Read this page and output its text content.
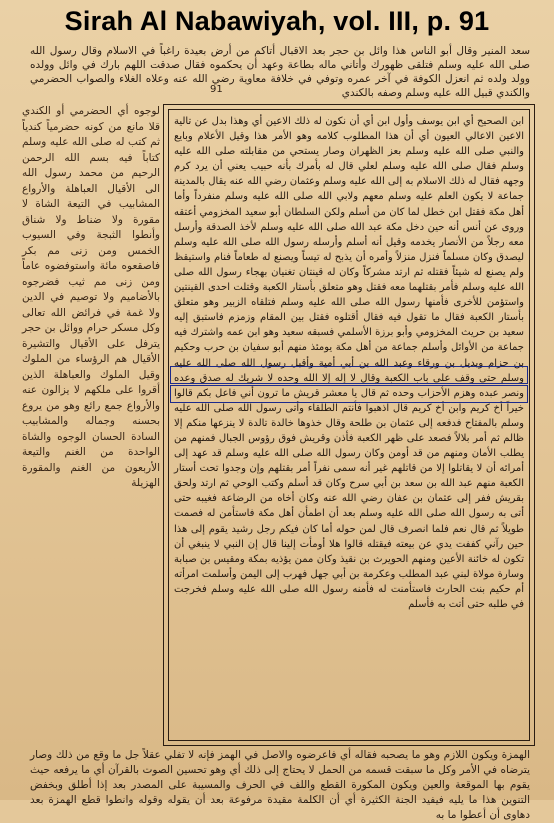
Sirah Al Nabawiyah, vol. III, p. 91
سعد المنير وقال أبو الناس هذا وائل بن حجر بعد الاقبال أتاكم من أرض بعيدة راغباً في الاسلام وقال رسول الله صلى الله عليه وسلم فتلقى ظهورك وأتاني ماله بطاعة وعهد أن يحكموه فقال صدقت اللهم بارك في وائل وولده وولد ولده ثم انعزل الكوفة في آخر عمره وتوفي في خلافة معاوية رضي الله عنه وعلاه الغلاء والصواب الحضرمي والكندي قبيل الله عليه وسلم وصفه بالكندي
91
لوجوه أي الحضرمي أو الكندي قلا مانع من كونه حضرمياً كندياً ثم كتب له صلى الله عليه وسلم كتاباً فيه بسم الله الرحمن الرحيم من محمد رسول الله الى الأقيال العباهلة والأرواع المشابيب في التيعة الشاة لا مقورة ولا ضناط ولا شناق وأنطوا الثبجة وفي السيوب الخمس ومن زنى مم بكر فاصقعوه مائة واستوفضوه عاماً ومن زنى مم ثيب فضرجوه بالأضاميم ولا توصيم في الدين ولا غمة في فرائض الله تعالى وكل مسكر حرام ووائل بن حجر يترفل على الأقيال والتشيرة الأقيال هم الرؤساء من الملوك وقيل الملوك والعباهلة الذين أقروا على ملكهم لا يزالون عنه والأرواع جمع رائع وهو من يروع بحسنه وجماله والمشابيب السادة الحسان الوجوه والشاة الواحدة من الغنم والتيعة الأربعون من الغنم والمقورة الهزيلة
ابن الصحيح أي ابن يوسف وأول ابن أي أن نكون له ذلك الاعين أي وهذا بدل عن تالية الاعين الاعالي العيون أي أن هذا المطلوب كلامه وهو الأمر هذا وقيل الأعلام وبايع والنبي صلى الله عليه وسلم بعز الظهران وصار يستحي من مقابلته صلى الله عليه وسلم فقال صلى الله عليه وسلم لعلي قال له بأمرك بأنه حبيب يعني أن يرد كرم وجهه فقال له ذلك الاسلام به إلى الله عليه وسلم وعثمان رضي الله عنه يقال بالمدينة جماعة لا يكون العلم عليه وسلم معهم ولابي الله صلى الله عليه وسلم منفرداً وأما أهل مكة فقتل ابن خطل لما كان من أسلم ولكن السلطان أبو سعيد المخزومي أعتقه وروى عن أنس أنه حين دخل مكة عبد الله صلى الله عليه وسلم لأخذ الصدقة وأرسل معه رجلاً من الأنصار يخدمه وقيل أنه أسلم وأرسله رسول الله صلى الله عليه وسلم ليصدق وكان مسلماً فنزل منزلاً وأمره أن يذبح له تيساً ويصنع له طعاماً فنام واستيقظ ولم يصنع له شيئاً فقتله ثم ارتد مشركاً وكان له قينتان تغنيان بهجاء رسول الله صلى الله عليه وسلم فأمر بقتلهما معه فقتل وهو متعلق بأستار الكعبة وقتلت احدى القينتين واستؤمن للأخرى فأمنها رسول الله صلى الله عليه وسلم فتلقاه الزبير وهو متعلق بأستار الكعبة فقال ما تقول فيه فقال أقتلوه فقتل بين المقام وزمزم فاستبق إليه سعيد بن حريث المخزومي وأبو برزة الأسلمي فسبقه سعيد وهو ابن عمه واشترك فيه جماعة من الأوائل وأسلم جماعة من أهل مكة يومئذ منهم أبو سفيان بن حرب وحكيم بن حزام وبديل بن ورقاء وعبد الله بن أبي أمية وأقبل رسول الله صلى الله عليه وسلم حتى وقف على باب الكعبة وقال لا إله إلا الله وحده لا شريك له صدق وعده ونصر عبده وهزم الأحزاب وحده ثم قال يا معشر قريش ما ترون أني فاعل بكم قالوا خيراً أخ كريم وابن أخ كريم قال اذهبوا فأنتم الطلقاء وأتى رسول الله صلى الله عليه وسلم بالمفتاح فدفعه إلى عثمان بن طلحة وقال خذوها خالدة تالدة لا ينزعها منكم إلا ظالم ثم أمر بلالاً فصعد على ظهر الكعبة فأذن وقريش فوق رؤوس الجبال فمنهم من يطلب الأمان ومنهم من قد أومن وكان رسول الله صلى الله عليه وسلم قد عهد إلى أمرائه أن لا يقاتلوا إلا من قاتلهم غير أنه سمى نفراً أمر بقتلهم وإن وجدوا تحت أستار الكعبة منهم عبد الله بن سعد بن أبي سرح وكان قد أسلم وكتب الوحي ثم ارتد ولحق بقريش ففر إلى عثمان بن عفان رضي الله عنه وكان أخاه من الرضاعة فغيبه حتى أتى به رسول الله صلى الله عليه وسلم بعد أن اطمأن أهل مكة فاستأمن له فصمت طويلاً ثم قال نعم فلما انصرف قال لمن حوله أما كان فيكم رجل رشيد يقوم إلى هذا حين رآني كففت يدي عن بيعته فيقتله قالوا هلا أومأت إلينا قال إن النبي لا ينبغي أن تكون له خائنة الأعين ومنهم الحويرث بن نقيذ وكان ممن يؤذيه بمكة ومقيس بن صبابة وسارة مولاة لبني عبد المطلب وعكرمة بن أبي جهل فهرب إلى اليمن وأسلمت امرأته أم حكيم بنت الحارث فاستأمنت له فأمنه رسول الله صلى الله عليه وسلم فخرجت في طلبه حتى أتت به فأسلم
الهمزة ويكون اللازم وهو ما يصحبه فقاله أي فاعرضوه والاصل في الهمز فإنه لا تفلي عقلاً جل ما وقع من ذلك وصار يترضاه في الأمر وكل ما سبقت قسمه من الحمل لا يحتاج إلى ذلك أي وهو تحسين الصوت بالقرآن أي ما يرفعه حيث يقوم بها الموقعة والعين ويكون المكورة القطع واللف في الحرف والمسيبة على المصدر بعد إذا أطلق وبخفض التنوين هذا ما يليه فيفيد الجنة الكثيرة أي أن الكلمة مقيدة مرفوعة بعد أن يقوله وقوله وانطوا قطع الهمزة بعد دهاوى أن أعطوا ما به
